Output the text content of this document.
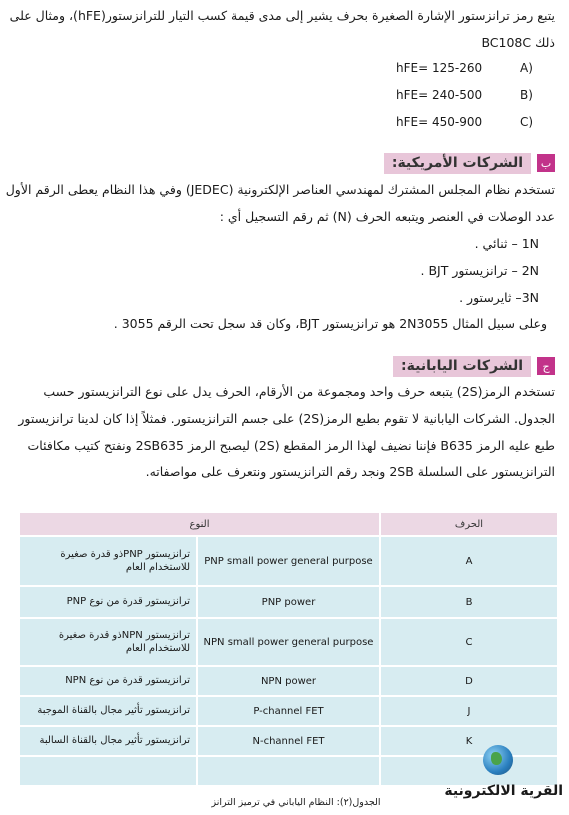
يتبع رمز ترانزستور الإشارة الصغيرة بحرف يشير إلى مدى قيمة كسب التيار للترانزستور(hFE)، ومثال على
ذلك BC108C
hFE= 125-260	A)
hFE= 240-500	B)
hFE= 450-900	C)
ب
الشركات الأمريكية:
تستخدم نظام المجلس المشترك لمهندسي العناصر الإلكترونية (JEDEC) وفي هذا النظام يعطى الرقم الأول
عدد الوصلات في العنصر ويتبعه الحرف (N) ثم رقم التسجيل أي :
1N – ثنائي .
2N – ترانزيستور BJT .
3N– ثايرستور .
وعلى سبيل المثال 2N3055 هو ترانزيستور BJT، وكان قد سجل تحت الرقم 3055 .
ج
الشركات اليابانية:
تستخدم الرمز(2S) يتبعه حرف واحد ومجموعة من الأرقام، الحرف يدل على نوع الترانزيستور حسب
الجدول. الشركات اليابانية لا تقوم بطبع الرمز(2S) على جسم الترانزيستور. فمثلاً إذا كان لدينا ترانزيستور
طبع عليه الرمز B635 فإننا نضيف لهذا الرمز المقطع (2S) ليصبح الرمز 2SB635 ونفتح كتيب مكافئات
الترانزيستور على السلسلة 2SB ونجد رقم الترانزيستور ونتعرف على مواصفاته.
النوع		الحرف
ترانزيستور PNPذو قدرة صغيرة للاستخدام العام	PNP small power general purpose	A
ترانزيستور قدرة من نوع PNP	PNP power	B
ترانزيستور NPNذو قدرة صغيرة للاستخدام العام	NPN small power general purpose	C
ترانزيستور قدرة من نوع NPN	NPN power	D
ترانزيستور تأثير مجال بالقناة الموجبة	P-channel FET	J
ترانزيستور تأثير مجال بالقناة السالبة	N-channel FET	K

الجدول(٢): النظام الياباني في ترميز الترانز
القرية الالكترونية
